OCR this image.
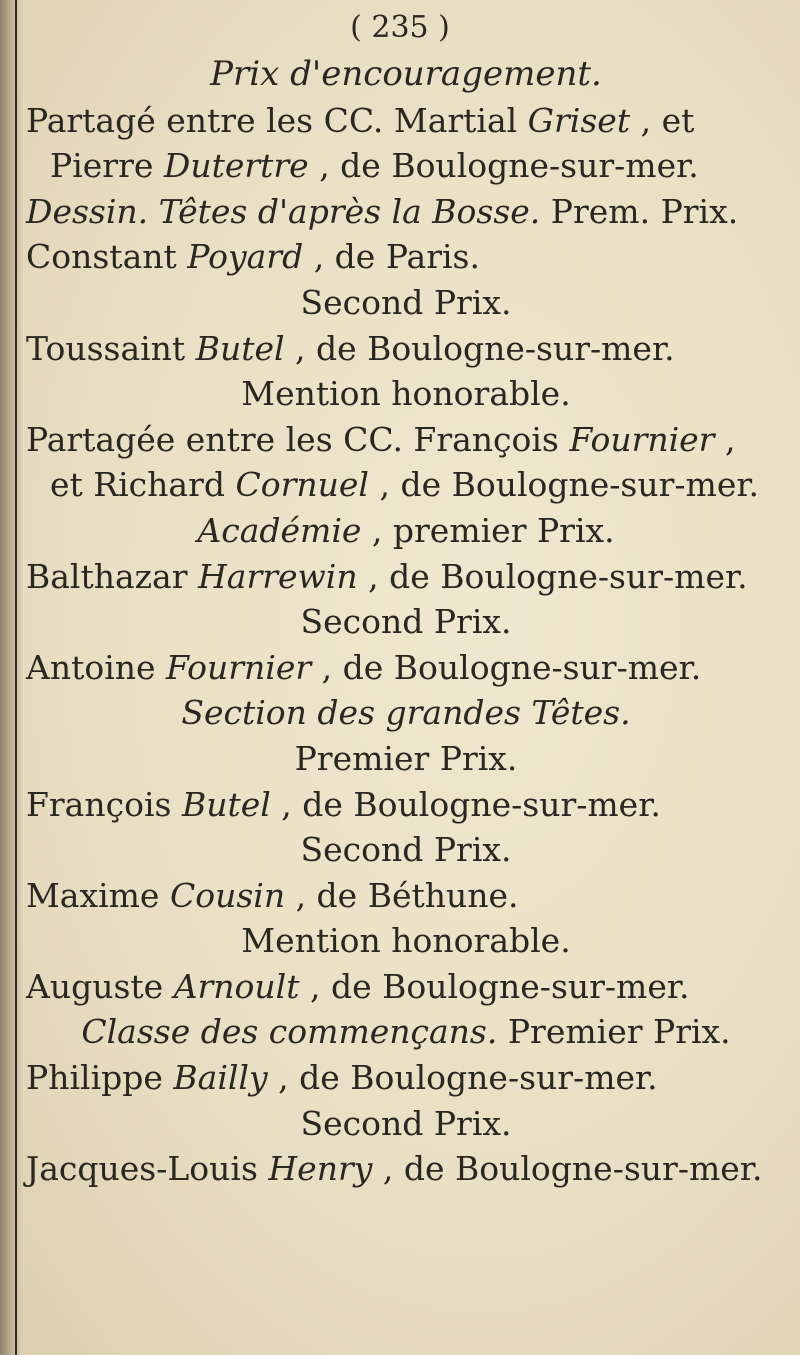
( 235 )
Prix d'encouragement.
Partagé entre les CC. Martial Griset , et
Pierre Dutertre , de Boulogne-sur-mer.
Dessin. Têtes d'après la Bosse. Prem. Prix.
Constant Poyard , de Paris.
Second Prix.
Toussaint Butel , de Boulogne-sur-mer.
Mention honorable.
Partagée entre les CC. François Fournier ,
et Richard Cornuel , de Boulogne-sur-mer.
Académie , premier Prix.
Balthazar Harrewin , de Boulogne-sur-mer.
Second Prix.
Antoine Fournier , de Boulogne-sur-mer.
Section des grandes Têtes.
Premier Prix.
François Butel , de Boulogne-sur-mer.
Second Prix.
Maxime Cousin , de Béthune.
Mention honorable.
Auguste Arnoult , de Boulogne-sur-mer.
Classe des commençans. Premier Prix.
Philippe Bailly , de Boulogne-sur-mer.
Second Prix.
Jacques-Louis Henry , de Boulogne-sur-mer.
